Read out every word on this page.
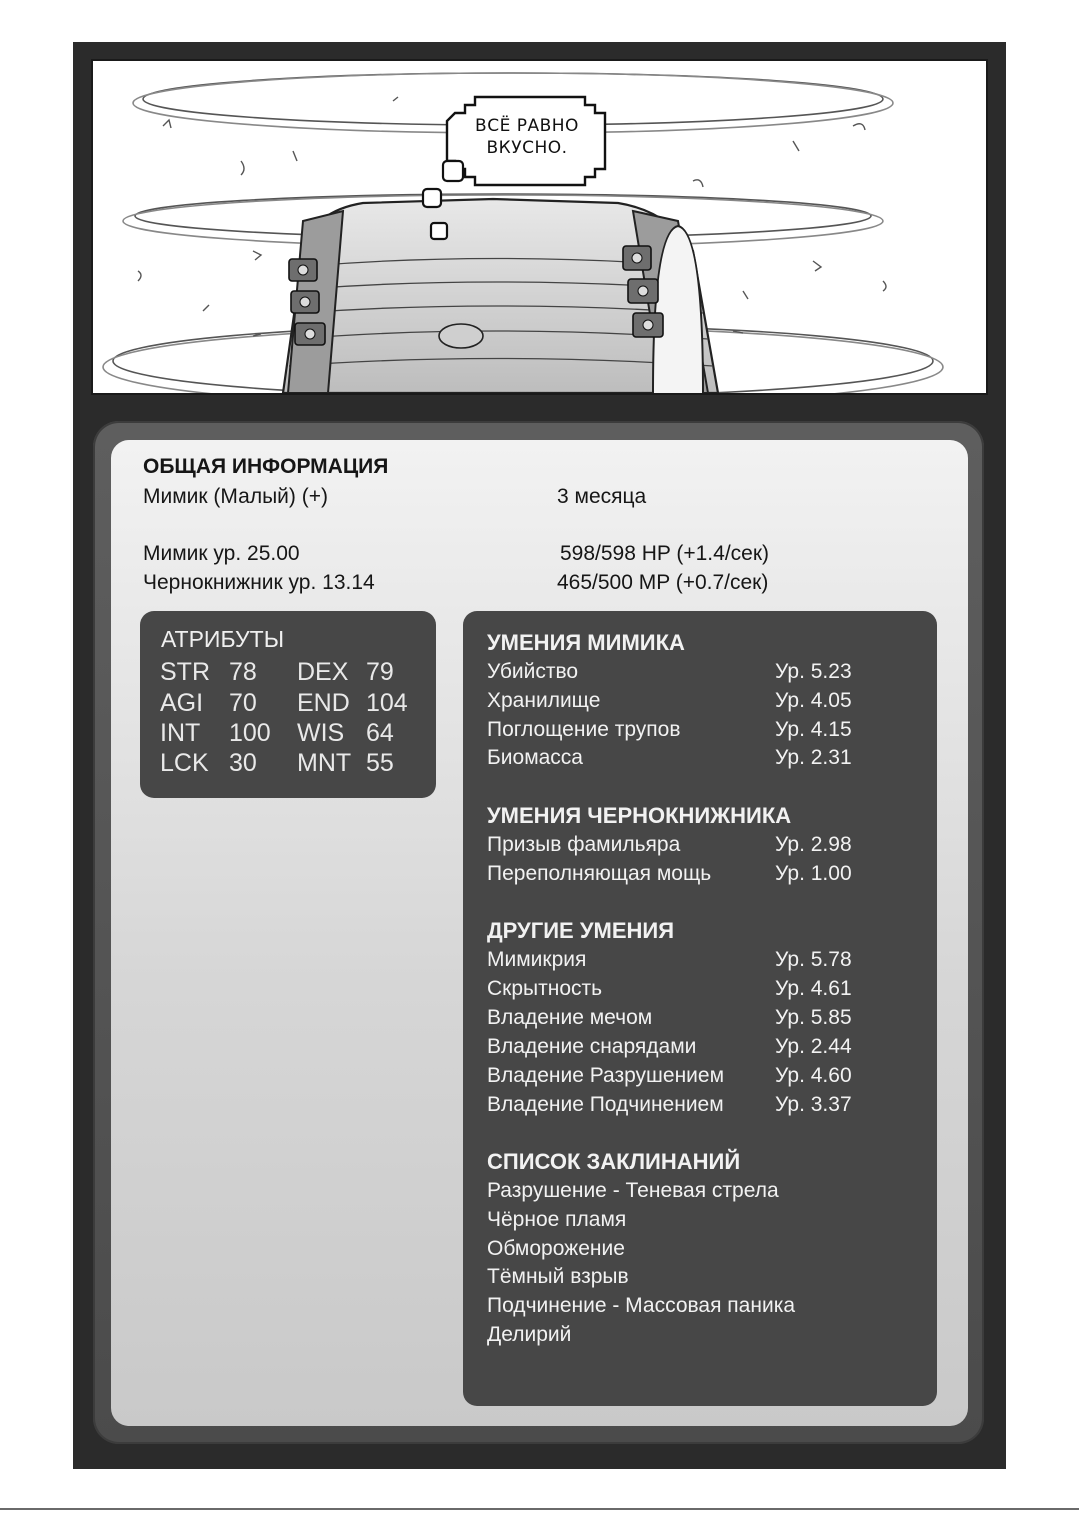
ВСЁ РАВНО
ВКУСНО.
ОБЩАЯ ИНФОРМАЦИЯ
Мимик (Малый) (+)	3 месяца
Мимик ур. 25.00	598/598 HP (+1.4/сек)
Чернокнижник ур. 13.14	465/500 MP (+0.7/сек)
АТРИБУТЫ
STR 78 DEX 79
AGI 70 END 104
INT 100 WIS 64
LCK 30 MNT 55
УМЕНИЯ МИМИКА
Убийство	Ур. 5.23
Хранилище	Ур. 4.05
Поглощение трупов	Ур. 4.15
Биомасса	Ур. 2.31
УМЕНИЯ ЧЕРНОКНИЖНИКА
Призыв фамильяра	Ур. 2.98
Переполняющая мощь	Ур. 1.00
ДРУГИЕ УМЕНИЯ
Мимикрия	Ур. 5.78
Скрытность	Ур. 4.61
Владение мечом	Ур. 5.85
Владение снарядами	Ур. 2.44
Владение Разрушением Ур. 4.60
Владение Подчинением Ур. 3.37
СПИСОК ЗАКЛИНАНИЙ
Разрушение - Теневая стрела
Чёрное пламя
Обморожение
Тёмный взрыв
Подчинение - Массовая паника
Делирий
